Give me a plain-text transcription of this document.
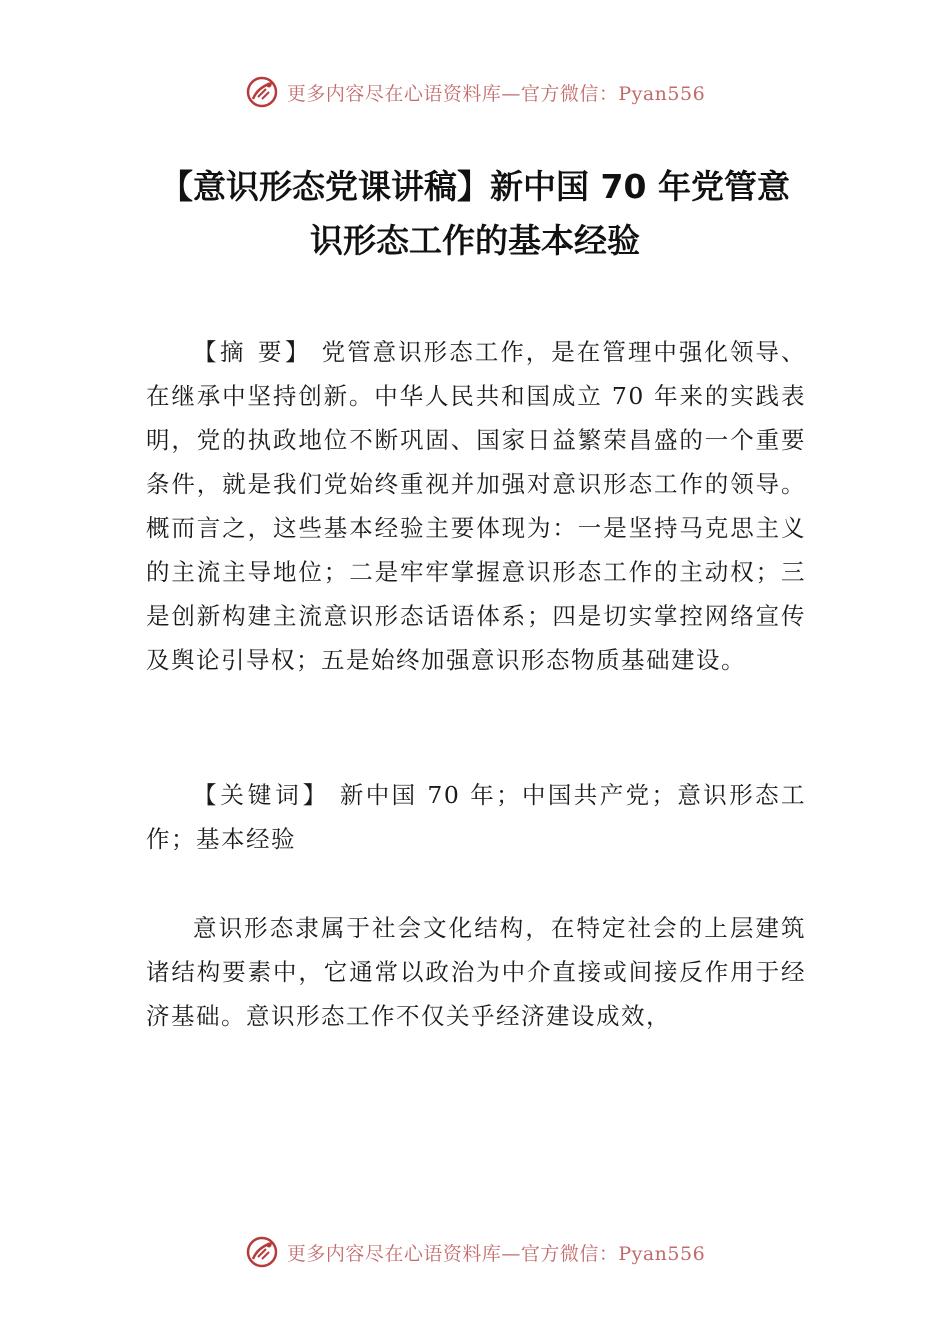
更多内容尽在心语资料库—官方微信：Pyan556
【意识形态党课讲稿】新中国 70 年党管意
识形态工作的基本经验

【摘 要】 党管意识形态工作，是在管理中强化领导、在继承中坚持创新。中华人民共和国成立 70 年来的实践表明，党的执政地位不断巩固、国家日益繁荣昌盛的一个重要条件，就是我们党始终重视并加强对意识形态工作的领导。概而言之，这些基本经验主要体现为：一是坚持马克思主义的主流主导地位；二是牢牢掌握意识形态工作的主动权；三是创新构建主流意识形态话语体系；四是切实掌控网络宣传及舆论引导权；五是始终加强意识形态物质基础建设。

【关键词】 新中国 70 年；中国共产党；意识形态工作；基本经验

意识形态隶属于社会文化结构，在特定社会的上层建筑诸结构要素中，它通常以政治为中介直接或间接反作用于经济基础。意识形态工作不仅关乎经济建设成效，

更多内容尽在心语资料库—官方微信：Pyan556
